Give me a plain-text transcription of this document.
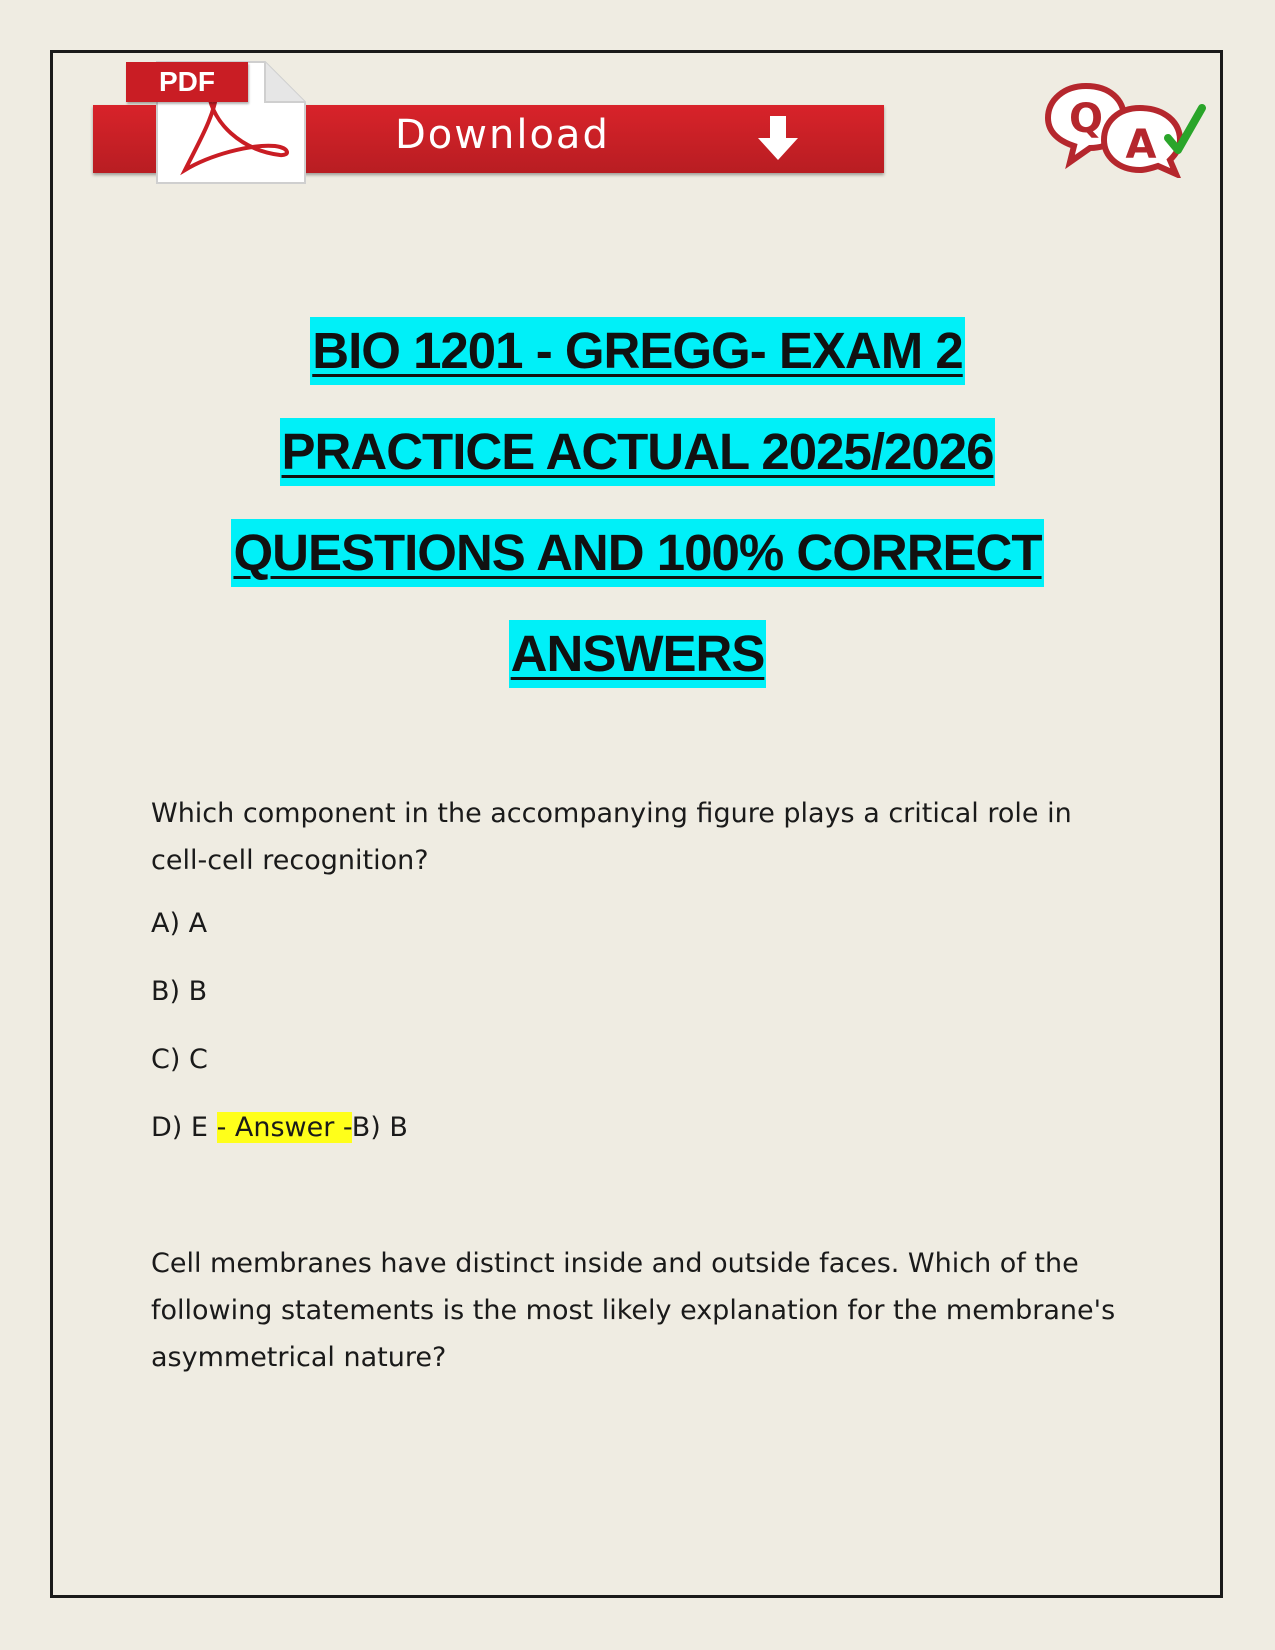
PDF
Download	Q
A
BIO 1201 - GREGG- EXAM 2
PRACTICE ACTUAL 2025/2026
QUESTIONS AND 100% CORRECT
ANSWERS

Which component in the accompanying figure plays a critical role in

cell-cell recognition?

A) A

B) B

C) C

D) E - Answer -B) B

Cell membranes have distinct inside and outside faces. Which of the

following statements is the most likely explanation for the membrane's

asymmetrical nature?
